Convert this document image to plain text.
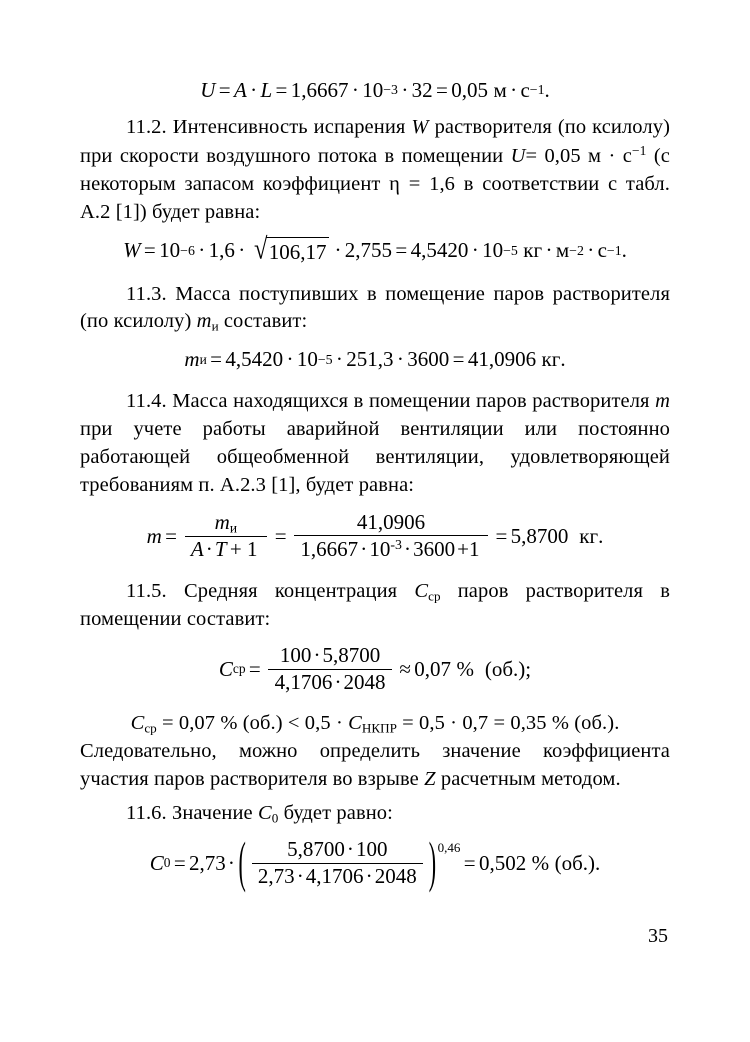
U = A · L = 1,6667 · 10 −3 · 32 = 0,05 м · с −1 .

11.2. Интенсивность испарения W растворителя (по ксилолу) при скорости воздушного потока в помещении U= 0,05 $м \cdot с^{-1}$ (с некоторым запасом коэффициент η = 1,6 в соответствии с табл. А.2 [1]) будет равна:

W = 10 −6 · 1,6 · √ 106,17 · 2,755 = 4,5420 · 10 −5 кг · м −2 · с −1 .

11.3. Масса поступивших в помещение паров растворителя (по ксилолу) $m_и$ составит:

m и = 4,5420 · 10 −5 · 251,3 · 3600 = 41,0906 кг .

11.4. Масса находящихся в помещении паров растворителя m при учете работы аварийной вентиляции или постоянно работающей общеобменной вентиляции, удовлетворяющей требованиям п. А.2.3 [1], будет равна:

$m = \frac{m_и}{A\cdot T + 1} = \frac{41,0906}{1,6667\cdot 10^{-3}\cdot 3600+1} = 5,8700$ кг .

11.5. Средняя концентрация $C_{ср}$ паров растворителя в помещении составит:

C ср = $\frac{100\cdot 5,8700}{4,1706\cdot 2048} \approx 0,07$ % (об.);

$C_{ср} = 0,07$ % $(об.) < 0,5 \cdot C_{НКПР} = 0,5 \cdot 0,7 = 0,35$ % (об.).

Следовательно, можно определить значение коэффициента участия паров растворителя во взрыве Z расчетным методом.

11.6. Значение $C_0$ будет равно:

C 0 = 2,73 · ( $\frac{5,8700\cdot 100}{2,73\cdot 4,1706\cdot 2048}$ ) 0,46
= 0,502 % (об.).
35
